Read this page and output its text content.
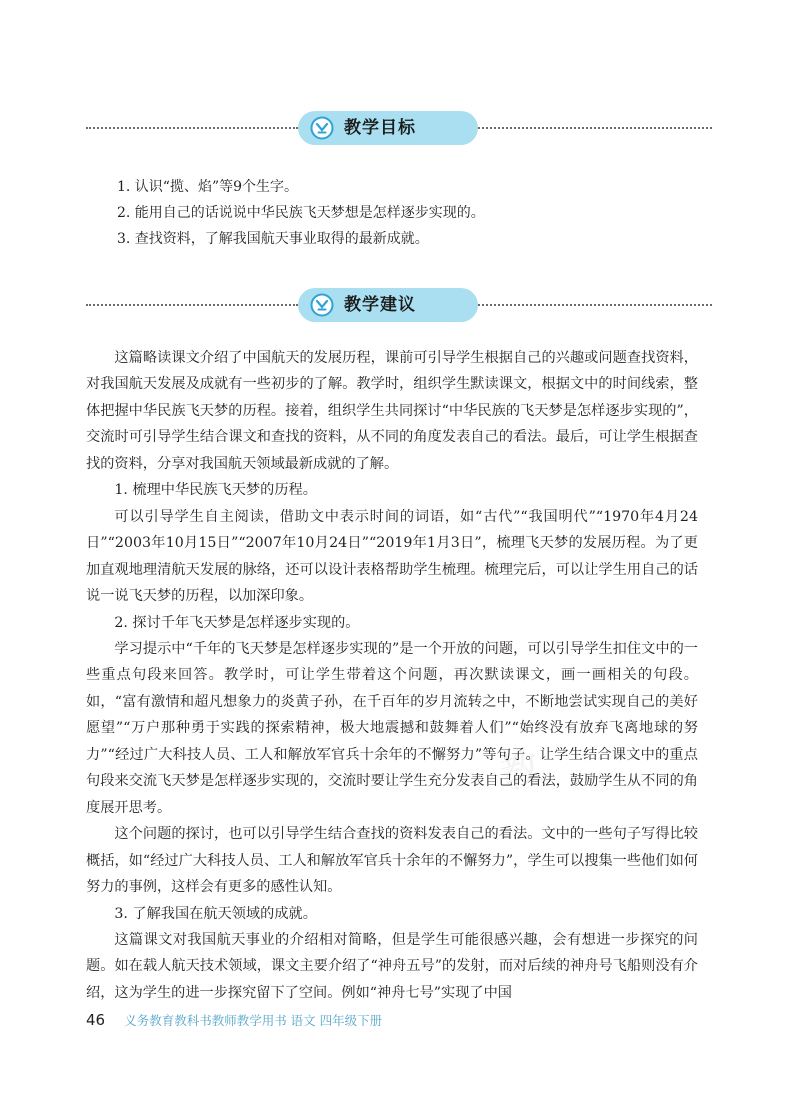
教学目标
1. 认识“揽、焰”等9个生字。
2. 能用自己的话说说中华民族飞天梦想是怎样逐步实现的。
3. 查找资料，了解我国航天事业取得的最新成就。
教学建议

这篇略读课文介绍了中国航天的发展历程，课前可引导学生根据自己的兴趣或问题查找资料，对我国航天发展及成就有一些初步的了解。教学时，组织学生默读课文，根据文中的时间线索，整体把握中华民族飞天梦的历程。接着，组织学生共同探讨“中华民族的飞天梦是怎样逐步实现的”，交流时可引导学生结合课文和查找的资料，从不同的角度发表自己的看法。最后，可让学生根据查找的资料，分享对我国航天领域最新成就的了解。

1. 梳理中华民族飞天梦的历程。

可以引导学生自主阅读，借助文中表示时间的词语，如“古代”“我国明代”“1970年4月24日”“2003年10月15日”“2007年10月24日”“2019年1月3日”，梳理飞天梦的发展历程。为了更加直观地理清航天发展的脉络，还可以设计表格帮助学生梳理。梳理完后，可以让学生用自己的话说一说飞天梦的历程，以加深印象。

2. 探讨千年飞天梦是怎样逐步实现的。

学习提示中“千年的飞天梦是怎样逐步实现的”是一个开放的问题，可以引导学生扣住文中的一些重点句段来回答。教学时，可让学生带着这个问题，再次默读课文，画一画相关的句段。如，“富有激情和超凡想象力的炎黄子孙，在千百年的岁月流转之中，不断地尝试实现自己的美好愿望”“万户那种勇于实践的探索精神，极大地震撼和鼓舞着人们”“始终没有放弃飞离地球的努力”“经过广大科技人员、工人和解放军官兵十余年的不懈努力”等句子。让学生结合课文中的重点句段来交流飞天梦是怎样逐步实现的，交流时要让学生充分发表自己的看法，鼓励学生从不同的角度展开思考。

这个问题的探讨，也可以引导学生结合查找的资料发表自己的看法。文中的一些句子写得比较概括，如“经过广大科技人员、工人和解放军官兵十余年的不懈努力”，学生可以搜集一些他们如何努力的事例，这样会有更多的感性认知。

3. 了解我国在航天领域的成就。

这篇课文对我国航天事业的介绍相对简略，但是学生可能很感兴趣，会有想进一步探究的问题。如在载人航天技术领域，课文主要介绍了“神舟五号”的发射，而对后续的神舟号飞船则没有介绍，这为学生的进一步探究留下了空间。例如“神舟七号”实现了中国

教
46 义务教育教科书教师教学用书 语文 四年级下册
